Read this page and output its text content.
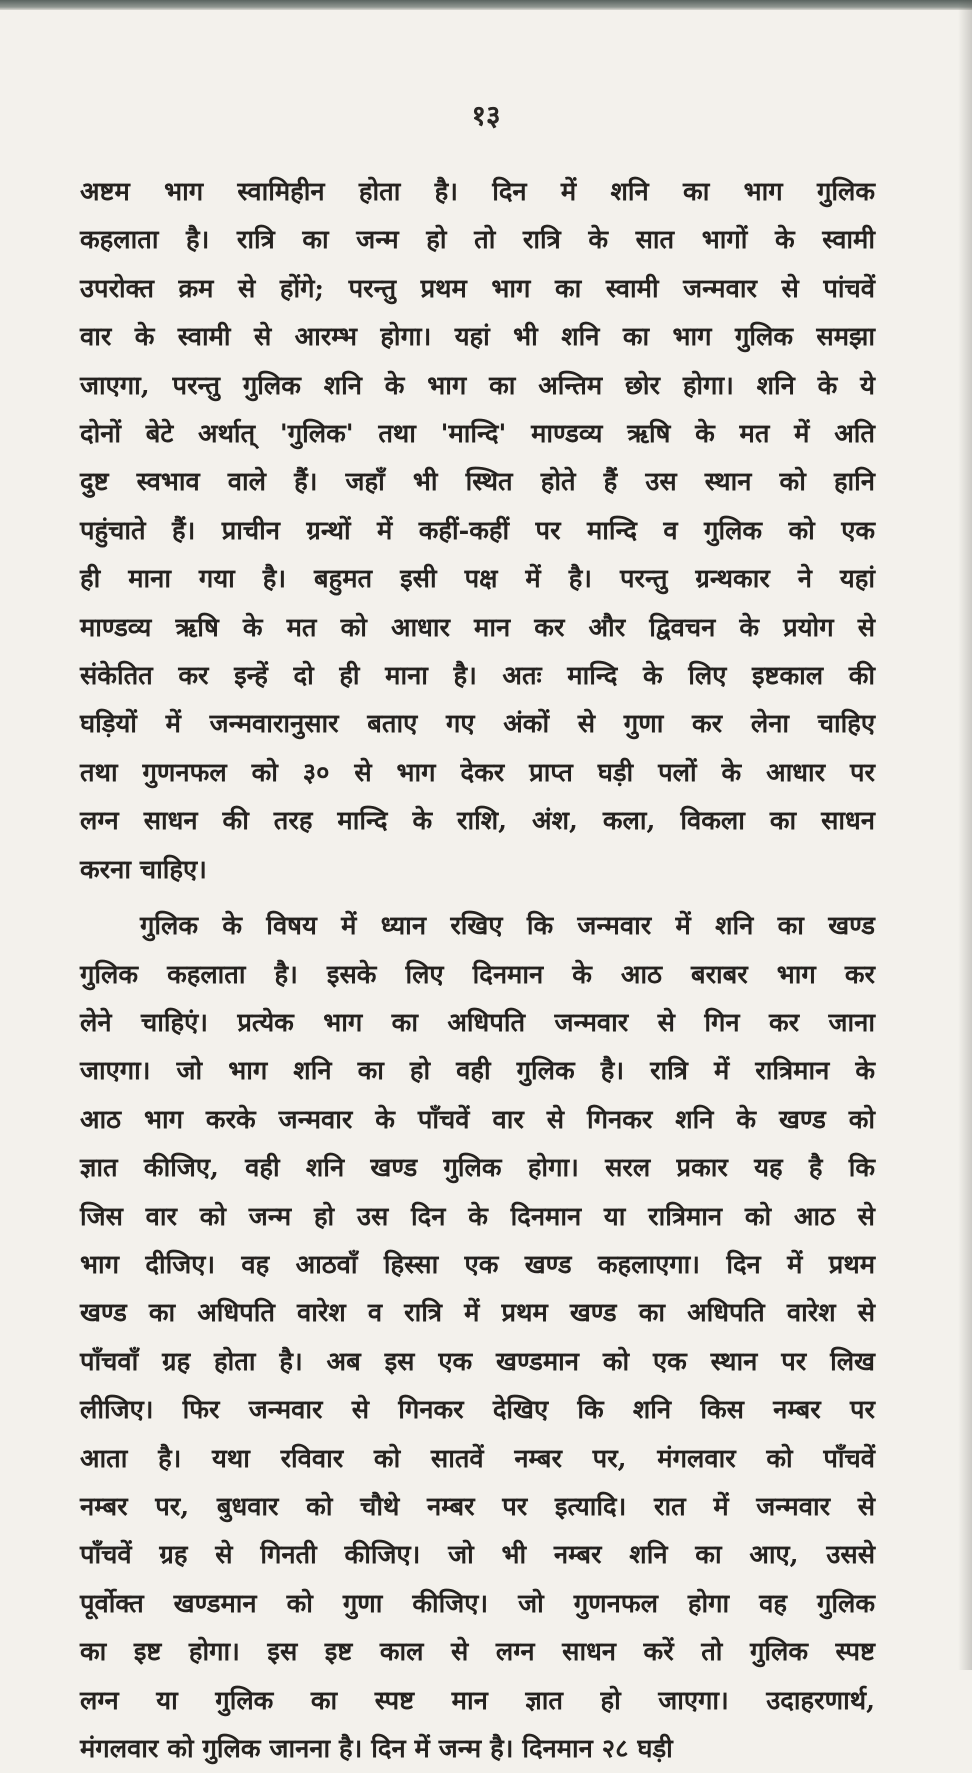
१३

अष्टम भाग स्वामिहीन होता है। दिन में शनि का भाग गुलिक
कहलाता है। रात्रि का जन्म हो तो रात्रि के सात भागों के स्वामी
उपरोक्त क्रम से होंगे; परन्तु प्रथम भाग का स्वामी जन्मवार से पांचवें
वार के स्वामी से आरम्भ होगा। यहां भी शनि का भाग गुलिक समझा
जाएगा, परन्तु गुलिक शनि के भाग का अन्तिम छोर होगा। शनि के ये
दोनों बेटे अर्थात् 'गुलिक' तथा 'मान्दि' माण्डव्य ऋषि के मत में अति
दुष्ट स्वभाव वाले हैं। जहाँ भी स्थित होते हैं उस स्थान को हानि
पहुंचाते हैं। प्राचीन ग्रन्थों में कहीं-कहीं पर मान्दि व गुलिक को एक
ही माना गया है। बहुमत इसी पक्ष में है। परन्तु ग्रन्थकार ने यहां
माण्डव्य ऋषि के मत को आधार मान कर और द्विवचन के प्रयोग से
संकेतित कर इन्हें दो ही माना है। अतः मान्दि के लिए इष्टकाल की
घड़ियों में जन्मवारानुसार बताए गए अंकों से गुणा कर लेना चाहिए
तथा गुणनफल को ३० से भाग देकर प्राप्त घड़ी पलों के आधार पर
लग्न साधन की तरह मान्दि के राशि, अंश, कला, विकला का साधन
करना चाहिए।

गुलिक के विषय में ध्यान रखिए कि जन्मवार में शनि का खण्ड
गुलिक कहलाता है। इसके लिए दिनमान के आठ बराबर भाग कर
लेने चाहिएं। प्रत्येक भाग का अधिपति जन्मवार से गिन कर जाना
जाएगा। जो भाग शनि का हो वही गुलिक है। रात्रि में रात्रिमान के
आठ भाग करके जन्मवार के पाँचवें वार से गिनकर शनि के खण्ड को
ज्ञात कीजिए, वही शनि खण्ड गुलिक होगा। सरल प्रकार यह है कि
जिस वार को जन्म हो उस दिन के दिनमान या रात्रिमान को आठ से
भाग दीजिए। वह आठवाँ हिस्सा एक खण्ड कहलाएगा। दिन में प्रथम
खण्ड का अधिपति वारेश व रात्रि में प्रथम खण्ड का अधिपति वारेश से
पाँचवाँ ग्रह होता है। अब इस एक खण्डमान को एक स्थान पर लिख
लीजिए। फिर जन्मवार से गिनकर देखिए कि शनि किस नम्बर पर
आता है। यथा रविवार को सातवें नम्बर पर, मंगलवार को पाँचवें
नम्बर पर, बुधवार को चौथे नम्बर पर इत्यादि। रात में जन्मवार से
पाँचवें ग्रह से गिनती कीजिए। जो भी नम्बर शनि का आए, उससे
पूर्वोक्त खण्डमान को गुणा कीजिए। जो गुणनफल होगा वह गुलिक
का इष्ट होगा। इस इष्ट काल से लग्न साधन करें तो गुलिक स्पष्ट
लग्न या गुलिक का स्पष्ट मान ज्ञात हो जाएगा। उदाहरणार्थ,
मंगलवार को गुलिक जानना है। दिन में जन्म है। दिनमान २८ घड़ी
